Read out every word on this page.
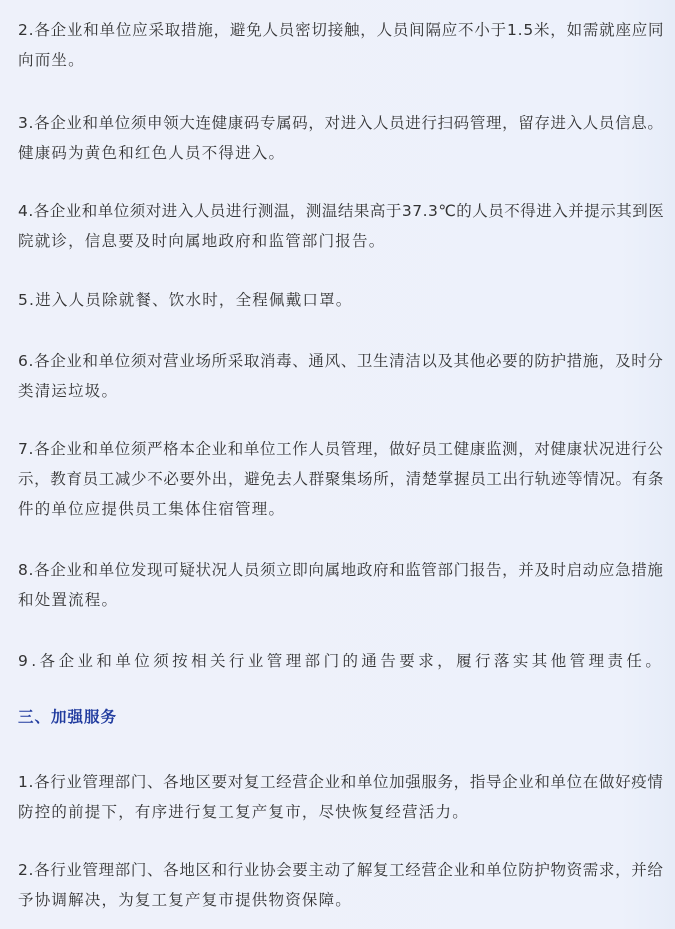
2.各企业和单位应采取措施，避免人员密切接触，人员间隔应不小于1.5米，如需就座应同
向而坐。

3.各企业和单位须申领大连健康码专属码，对进入人员进行扫码管理，留存进入人员信息。
健康码为黄色和红色人员不得进入。

4.各企业和单位须对进入人员进行测温，测温结果高于37.3℃的人员不得进入并提示其到医
院就诊，信息要及时向属地政府和监管部门报告。

5.进入人员除就餐、饮水时，全程佩戴口罩。

6.各企业和单位须对营业场所采取消毒、通风、卫生清洁以及其他必要的防护措施，及时分
类清运垃圾。

7.各企业和单位须严格本企业和单位工作人员管理，做好员工健康监测，对健康状况进行公
示，教育员工减少不必要外出，避免去人群聚集场所，清楚掌握员工出行轨迹等情况。有条
件的单位应提供员工集体住宿管理。

8.各企业和单位发现可疑状况人员须立即向属地政府和监管部门报告，并及时启动应急措施
和处置流程。

9.各企业和单位须按相关行业管理部门的通告要求，履行落实其他管理责任。

三、加强服务

1.各行业管理部门、各地区要对复工经营企业和单位加强服务，指导企业和单位在做好疫情
防控的前提下，有序进行复工复产复市，尽快恢复经营活力。

2.各行业管理部门、各地区和行业协会要主动了解复工经营企业和单位防护物资需求，并给
予协调解决，为复工复产复市提供物资保障。
